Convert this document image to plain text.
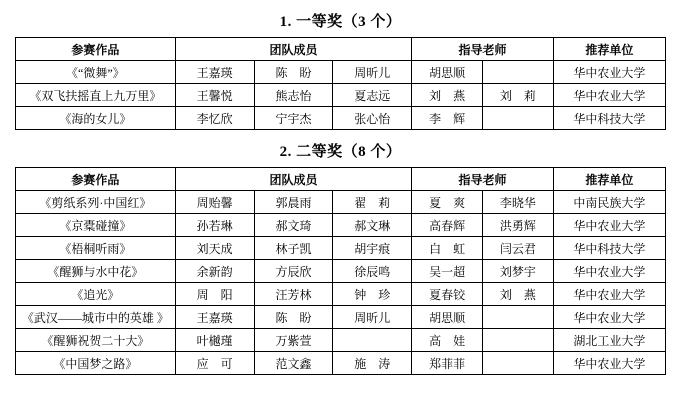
1. 一等奖（3 个）
参赛作品	团队成员			指导老师		推荐单位
《“微舞”》	王嘉瑛	陈　盼	周昕儿	胡思顺		华中农业大学
《双飞扶摇直上九万里》	王馨悦	熊志怡	夏志远	刘　燕	刘　莉	华中农业大学
《海的女儿》	李忆欣	宁宇杰	张心怡	李　辉		华中科技大学
2. 二等奖（8 个）
参赛作品	团队成员			指导老师		推荐单位
《剪纸系列·中国红》	周贻馨	郭晨雨	翟　莉	夏　爽	李晓华	中南民族大学
《京橐碰撞》	孙若琳	郝文琦	郝文琳	高春辉	洪勇辉	华中农业大学
《梧桐听雨》	刘天成	林子凯	胡宇痕	白　虹	闫云君	华中科技大学
《醒狮与水中花》	余新韵	方辰欣	徐辰鸣	吴一超	刘梦宇	华中农业大学
《追光》	周　阳	汪芳林	钟　珍	夏春铰	刘　燕	华中农业大学
《武汉——城市中的英雄 》	王嘉瑛	陈　盼	周昕儿	胡思顺		华中农业大学
《醒狮祝贺二十大》	叶樾瑾	万紫萱		高　娃		湖北工业大学
《中国梦之路》	应　可	范文鑫	施　涛	郑菲菲		华中农业大学
